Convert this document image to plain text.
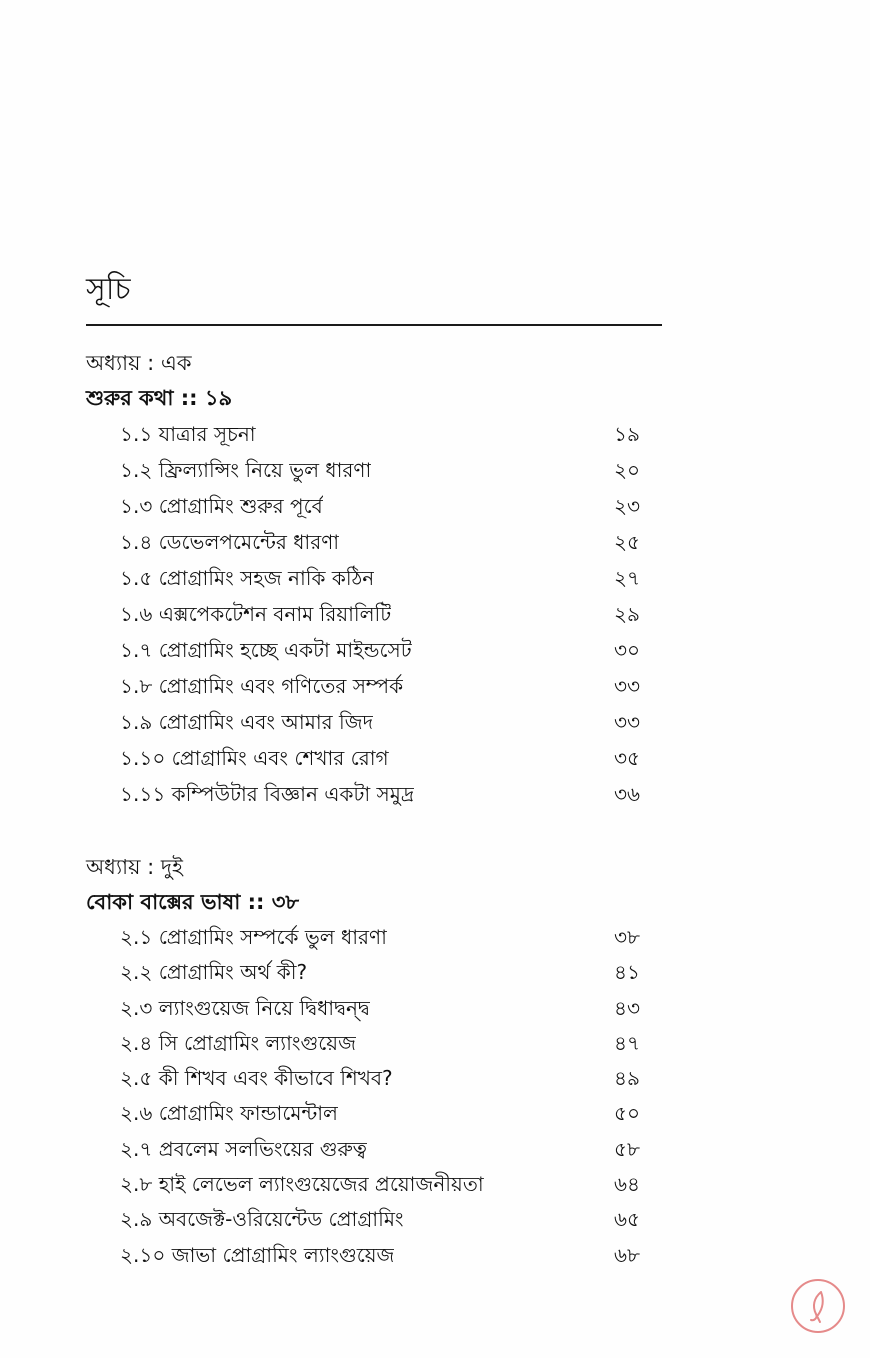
সূচি
অধ্যায় : এক
শুরুর কথা :: ১৯
১.১ যাত্রার সূচনা	১৯
১.২ ফ্রিল্যান্সিং নিয়ে ভুল ধারণা	২০
১.৩ প্রোগ্রামিং শুরুর পূর্বে	২৩
১.৪ ডেভেলপমেন্টের ধারণা	২৫
১.৫ প্রোগ্রামিং সহজ নাকি কঠিন	২৭
১.৬ এক্সপেকটেশন বনাম রিয়ালিটি	২৯
১.৭ প্রোগ্রামিং হচ্ছে একটা মাইন্ডসেট	৩০
১.৮ প্রোগ্রামিং এবং গণিতের সম্পর্ক	৩৩
১.৯ প্রোগ্রামিং এবং আমার জিদ	৩৩
১.১০ প্রোগ্রামিং এবং শেখার রোগ	৩৫
১.১১ কম্পিউটার বিজ্ঞান একটা সমুদ্র	৩৬
অধ্যায় : দুই
বোকা বাক্সের ভাষা :: ৩৮
২.১ প্রোগ্রামিং সম্পর্কে ভুল ধারণা	৩৮
২.২ প্রোগ্রামিং অর্থ কী?	৪১
২.৩ ল্যাংগুয়েজ নিয়ে দ্বিধাদ্বন্দ্ব	৪৩
২.৪ সি প্রোগ্রামিং ল্যাংগুয়েজ	৪৭
২.৫ কী শিখব এবং কীভাবে শিখব?	৪৯
২.৬ প্রোগ্রামিং ফান্ডামেন্টাল	৫০
২.৭ প্রবলেম সলভিংয়ের গুরুত্ব	৫৮
২.৮ হাই লেভেল ল্যাংগুয়েজের প্রয়োজনীয়তা	৬৪
২.৯ অবজেক্ট-ওরিয়েন্টেড প্রোগ্রামিং	৬৫
২.১০ জাভা প্রোগ্রামিং ল্যাংগুয়েজ	৬৮
